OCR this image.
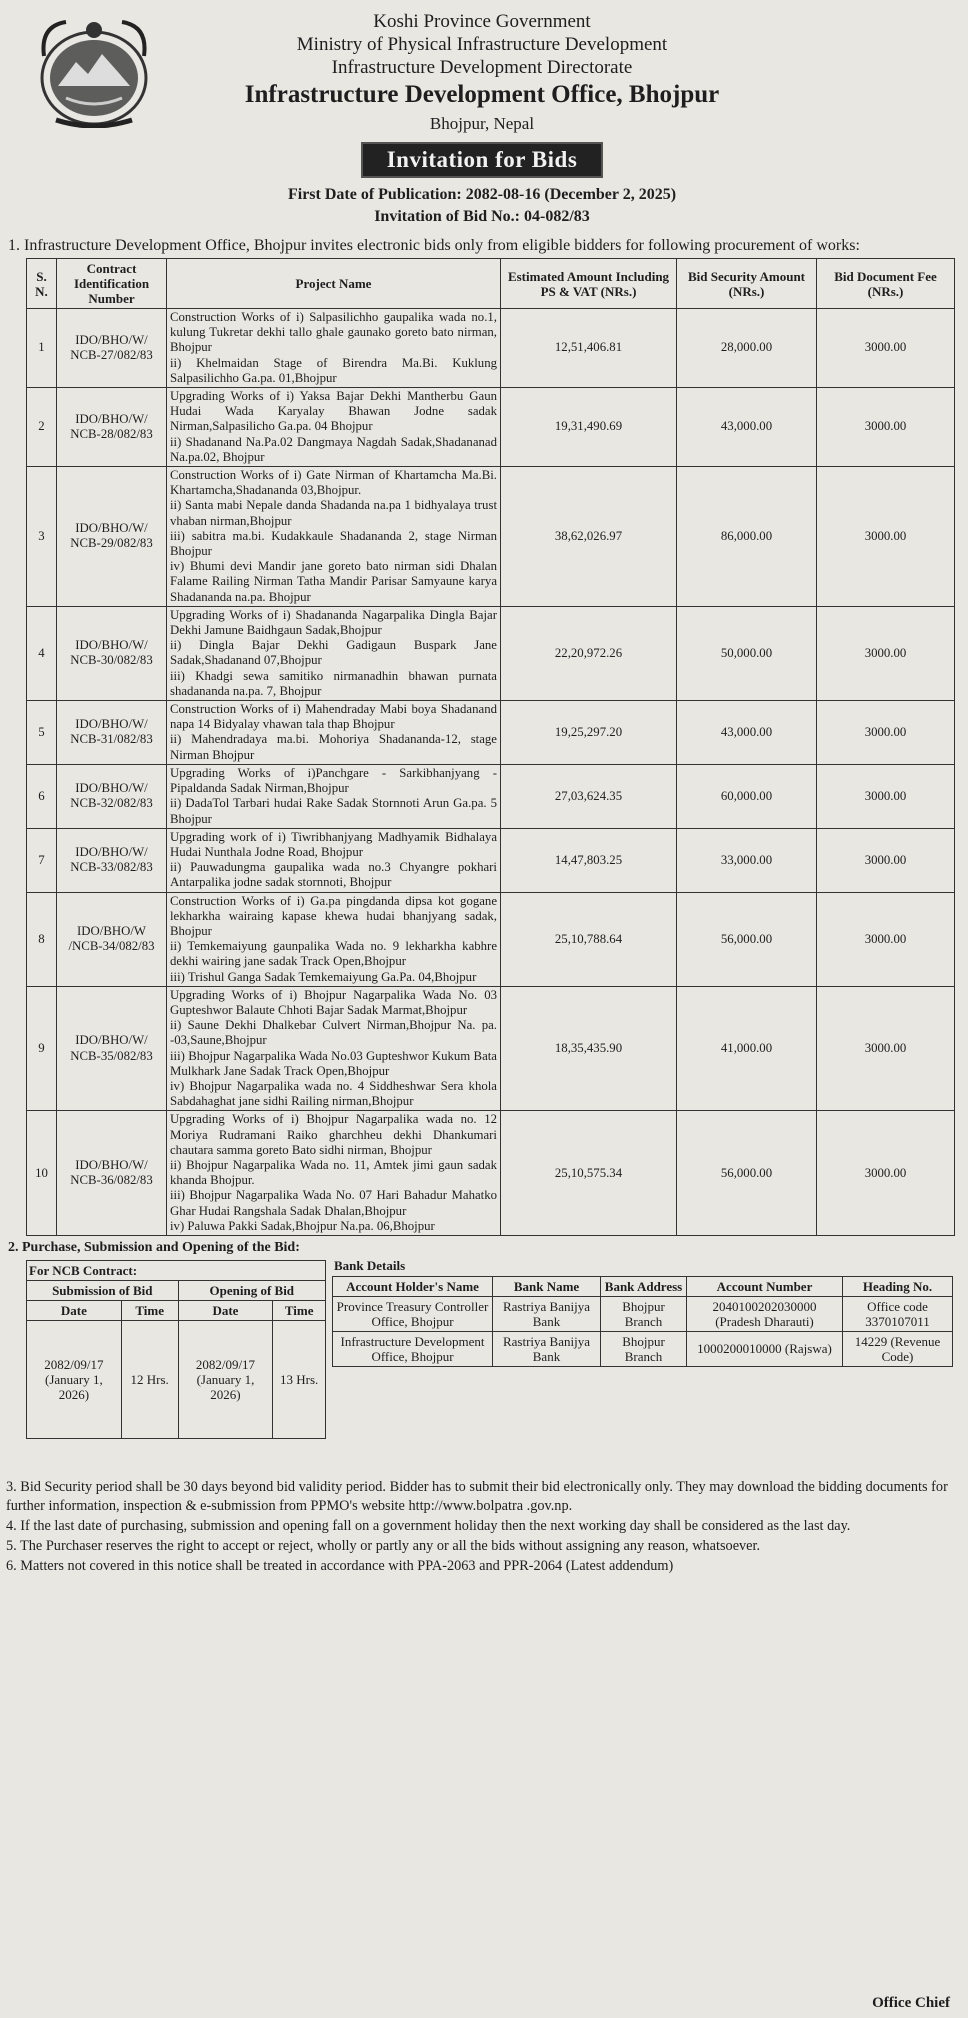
Koshi Province Government
Ministry of Physical Infrastructure Development
Infrastructure Development Directorate
Infrastructure Development Office, Bhojpur
Bhojpur, Nepal
Invitation for Bids
First Date of Publication: 2082-08-16 (December 2, 2025)
Invitation of Bid No.: 04-082/83
1. Infrastructure Development Office, Bhojpur invites electronic bids only from eligible bidders for following procurement of works:
S. N.	Contract Identification Number	Project Name	Estimated Amount Including PS & VAT (NRs.)	Bid Security Amount (NRs.)	Bid Document Fee (NRs.)
1	IDO/BHO/W/ NCB-27/082/83	Construction Works of i) Salpasilichho gaupalika wada no.1, kulung Tukretar dekhi tallo ghale gaunako goreto bato nirman, Bhojpur

ii) Khelmaidan Stage of Birendra Ma.Bi. Kuklung Salpasilichho Ga.pa. 01,Bhojpur	12,51,406.81	28,000.00	3000.00
2	IDO/BHO/W/ NCB-28/082/83	Upgrading Works of i) Yaksa Bajar Dekhi Mantherbu Gaun Hudai Wada Karyalay Bhawan Jodne sadak Nirman,Salpasilicho Ga.pa. 04 Bhojpur

ii) Shadanand Na.Pa.02 Dangmaya Nagdah Sadak,Shadananad Na.pa.02, Bhojpur	19,31,490.69	43,000.00	3000.00
3	IDO/BHO/W/ NCB-29/082/83	Construction Works of i) Gate Nirman of Khartamcha Ma.Bi. Khartamcha,Shadananda 03,Bhojpur.

ii) Santa mabi Nepale danda Shadanda na.pa 1 bidhyalaya trust vhaban nirman,Bhojpur

iii) sabitra ma.bi. Kudakkaule Shadananda 2, stage Nirman Bhojpur

iv) Bhumi devi Mandir jane goreto bato nirman sidi Dhalan Falame Railing Nirman Tatha Mandir Parisar Samyaune karya Shadananda na.pa. Bhojpur	38,62,026.97	86,000.00	3000.00
4	IDO/BHO/W/ NCB-30/082/83	Upgrading Works of i) Shadananda Nagarpalika Dingla Bajar Dekhi Jamune Baidhgaun Sadak,Bhojpur

ii) Dingla Bajar Dekhi Gadigaun Buspark Jane Sadak,Shadanand 07,Bhojpur

iii) Khadgi sewa samitiko nirmanadhin bhawan purnata shadananda na.pa. 7, Bhojpur	22,20,972.26	50,000.00	3000.00
5	IDO/BHO/W/ NCB-31/082/83	Construction Works of i) Mahendraday Mabi boya Shadanand napa 14 Bidyalay vhawan tala thap Bhojpur

ii) Mahendradaya ma.bi. Mohoriya Shadananda-12, stage Nirman Bhojpur	19,25,297.20	43,000.00	3000.00
6	IDO/BHO/W/ NCB-32/082/83	Upgrading Works of i)Panchgare - Sarkibhanjyang - Pipaldanda Sadak Nirman,Bhojpur

ii) DadaTol Tarbari hudai Rake Sadak Stornnoti Arun Ga.pa. 5 Bhojpur	27,03,624.35	60,000.00	3000.00
7	IDO/BHO/W/ NCB-33/082/83	Upgrading work of i) Tiwribhanjyang Madhyamik Bidhalaya Hudai Nunthala Jodne Road, Bhojpur

ii) Pauwadungma gaupalika wada no.3 Chyangre pokhari Antarpalika jodne sadak stornnoti, Bhojpur	14,47,803.25	33,000.00	3000.00
8	IDO/BHO/W /NCB-34/082/83	Construction Works of i) Ga.pa pingdanda dipsa kot gogane lekharkha wairaing kapase khewa hudai bhanjyang sadak, Bhojpur

ii) Temkemaiyung gaunpalika Wada no. 9 lekharkha kabhre dekhi wairing jane sadak Track Open,Bhojpur

iii) Trishul Ganga Sadak Temkemaiyung Ga.Pa. 04,Bhojpur	25,10,788.64	56,000.00	3000.00
9	IDO/BHO/W/ NCB-35/082/83	Upgrading Works of i) Bhojpur Nagarpalika Wada No. 03 Gupteshwor Balaute Chhoti Bajar Sadak Marmat,Bhojpur

ii) Saune Dekhi Dhalkebar Culvert Nirman,Bhojpur Na. pa. -03,Saune,Bhojpur

iii) Bhojpur Nagarpalika Wada No.03 Gupteshwor Kukum Bata Mulkhark Jane Sadak Track Open,Bhojpur

iv) Bhojpur Nagarpalika wada no. 4 Siddheshwar Sera khola Sabdahaghat jane sidhi Railing nirman,Bhojpur	18,35,435.90	41,000.00	3000.00
10	IDO/BHO/W/ NCB-36/082/83	Upgrading Works of i) Bhojpur Nagarpalika wada no. 12 Moriya Rudramani Raiko gharchheu dekhi Dhankumari chautara samma goreto Bato sidhi nirman, Bhojpur

ii) Bhojpur Nagarpalika Wada no. 11, Amtek jimi gaun sadak khanda Bhojpur.

iii) Bhojpur Nagarpalika Wada No. 07 Hari Bahadur Mahatko Ghar Hudai Rangshala Sadak Dhalan,Bhojpur

iv) Paluwa Pakki Sadak,Bhojpur Na.pa. 06,Bhojpur	25,10,575.34	56,000.00	3000.00
2. Purchase, Submission and Opening of the Bid:
For NCB Contract:			
Submission of Bid		Opening of Bid	
Date	Time	Date	Time
2082/09/17 (January 1, 2026)	12 Hrs.	2082/09/17 (January 1, 2026)	13 Hrs.
Bank Details
Account Holder's Name	Bank Name	Bank Address	Account Number	Heading No.
Province Treasury Controller Office, Bhojpur	Rastriya Banijya Bank	Bhojpur Branch	2040100202030000 (Pradesh Dharauti)	Office code 3370107011
Infrastructure Development Office, Bhojpur	Rastriya Banijya Bank	Bhojpur Branch	1000200010000 (Rajswa)	14229 (Revenue Code)

3. Bid Security period shall be 30 days beyond bid validity period. Bidder has to submit their bid electronically only. They may download the bidding documents for further information, inspection & e-submission from PPMO's website http://www.bolpatra .gov.np.

4. If the last date of purchasing, submission and opening fall on a government holiday then the next working day shall be considered as the last day.

5. The Purchaser reserves the right to accept or reject, wholly or partly any or all the bids without assigning any reason, whatsoever.

6. Matters not covered in this notice shall be treated in accordance with PPA-2063 and PPR-2064 (Latest addendum)

Office Chief
